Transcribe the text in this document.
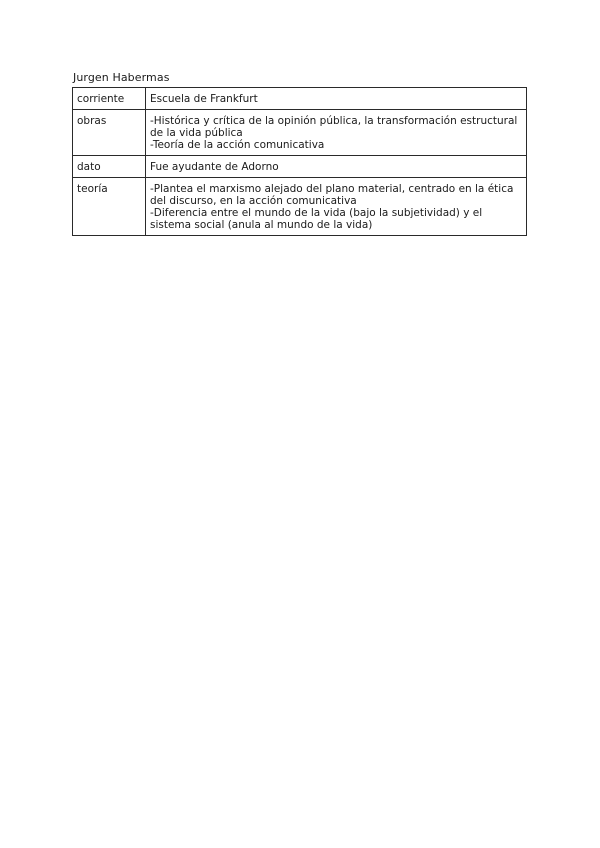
Jurgen Habermas
corriente	Escuela de Frankfurt

obras	-Histórica y crítica de la opinión pública, la transformación estructural de la vida pública
-Teoría de la acción comunicativa

dato	Fue ayudante de Adorno

teoría	-Plantea el marxismo alejado del plano material, centrado en la ética del discurso, en la acción comunicativa
-Diferencia entre el mundo de la vida (bajo la subjetividad) y el sistema social (anula al mundo de la vida)
